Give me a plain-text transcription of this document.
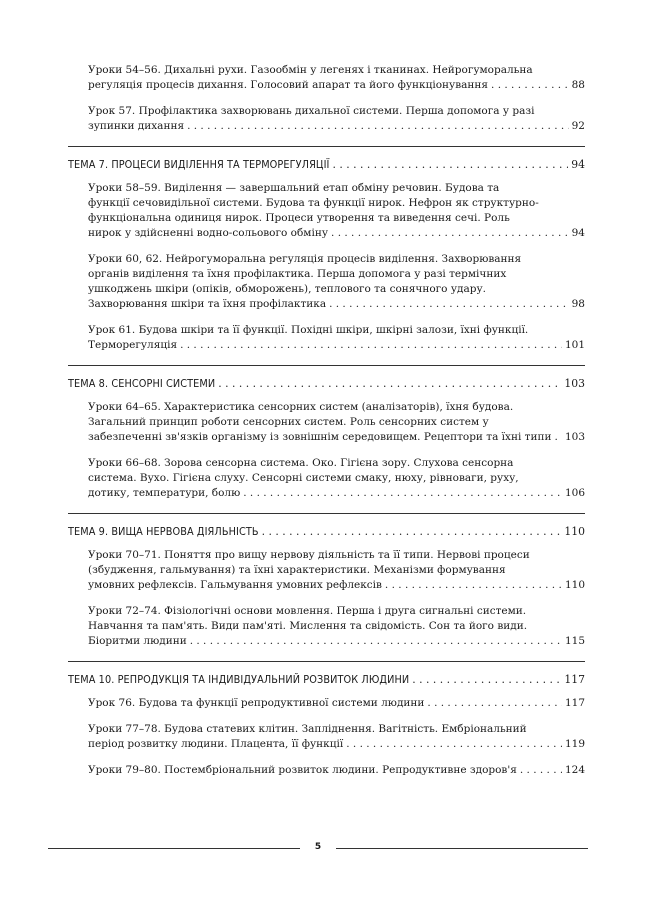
Уроки 54–56. Дихальні рухи. Газообмін у легенях і тканинах. Нейрогуморальна
регуляція процесів дихання. Голосовий апарат та його функціонування . . .	88
Урок 57. Профілактика захворювань дихальної системи. Перша допомога у разі
зупинки дихання . . .	92
ТЕМА 7. ПРОЦЕСИ ВИДІЛЕННЯ ТА ТЕРМОРЕГУЛЯЦІЇ . . .	94
Уроки 58–59. Виділення — завершальний етап обміну речовин. Будова та
функції сечовидільної системи. Будова та функції нирок. Нефрон як структурно-
функціональна одиниця нирок. Процеси утворення та виведення сечі. Роль
нирок у здійсненні водно-сольового обміну . . .	94
Уроки 60, 62. Нейрогуморальна регуляція процесів виділення. Захворювання
органів виділення та їхня профілактика. Перша допомога у разі термічних
ушкоджень шкіри (опіків, обморожень), теплового та сонячного удару.
Захворювання шкіри та їхня профілактика . . .	98
Урок 61. Будова шкіри та її функції. Похідні шкіри, шкірні залози, їхні функції.
Терморегуляція . . .	101
ТЕМА 8. СЕНСОРНІ СИСТЕМИ . . .	103
Уроки 64–65. Характеристика сенсорних систем (аналізаторів), їхня будова.
Загальний принцип роботи сенсорних систем. Роль сенсорних систем у
забезпеченні зв'язків організму із зовнішнім середовищем. Рецептори та їхні типи . . . 103
Уроки 66–68. Зорова сенсорна система. Око. Гігієна зору. Слухова сенсорна
система. Вухо. Гігієна слуху. Сенсорні системи смаку, нюху, рівноваги, руху,
дотику, температури, болю . . .	106
ТЕМА 9. ВИЩА НЕРВОВА ДІЯЛЬНІСТЬ . . .	110
Уроки 70–71. Поняття про вищу нервову діяльність та її типи. Нервові процеси
(збудження, гальмування) та їхні характеристики. Механізми формування
умовних рефлексів. Гальмування умовних рефлексів . . .	110
Уроки 72–74. Фізіологічні основи мовлення. Перша і друга сигнальні системи.
Навчання та пам'ять. Види пам'яті. Мислення та свідомість. Сон та його види.
Біоритми людини . . .	115
ТЕМА 10. РЕПРОДУКЦІЯ ТА ІНДИВІДУАЛЬНИЙ РОЗВИТОК ЛЮДИНИ . . .	117
Урок 76. Будова та функції репродуктивної системи людини . . .	117
Уроки 77–78. Будова статевих клітин. Запліднення. Вагітність. Ембріональний
період розвитку людини. Плацента, її функції . . .	119
Уроки 79–80. Постембріональний розвиток людини. Репродуктивне здоров'я . . .	124
5
